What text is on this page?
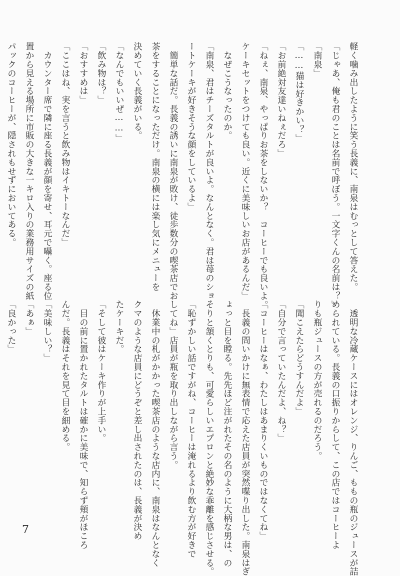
軽く噛み出したように笑う長義に、南泉はむっとして答えた。

「じゃあ、俺も君のことは名前で呼ぼう。一文字くんの名前は？」

「南泉」

「……猫は好きかい？」

「お前絶対友達いねぇだろ」

「ねぇ、南泉、やっぱりお茶をしないか？　コーヒーでも良いよ。

ケーキセットをつけても良い。近くに美味しいお店があるんだ」

　なぜこうなったのか。

「南泉、君はチーズタルトが良いよ。なんとなく。君は苺のショ

ートケーキが好きそうな顔をしているよ」

　簡単な話だ。長義の誘いに南泉が敗け、徒歩数分の喫茶店でお

茶をすることになっただけ。南泉の横には楽し気にメニューを

決めていく長義がいる。

「なんでもいいぜ……」

「飲み物は？」

「おすすめは」

「ここはね、実を言うと飲み物はイキトーなんだ」

　カウンター席で隣に座る長義が顔を寄せ、耳元で囁く。座る位

置から見える場所に市販の大きな一キロ入りの業務用サイズの紙

パックのコーヒーが、隠されもせずにおいてある。

　透明な冷蔵ケースにはオレンジ、りんご、ももの瓶のジュースが詰

められている。長義の口振りからして、この店ではコーヒーよ

りも瓶ジュースの方が売れるのだろう。

「聞こえたらどうすんだよ」

「自分で言っていたんだよ、ね？」

「コーヒーはなぁ、わたしはあまりくいものではなくてね」

　長義の問いかけに無表情で応えた店員が突然喋り出した。南泉はぎ

ょっと目を瞠る。先先ほど注がれたその名のように大柄な男は、の

そりと頷くとりも、可愛らしいエプロンと絶妙な乖離を感じさせる。

「恥ずかしい話ですがね、コーヒーは淹れるより飲む方が好きで

してね」店員が瓶を取り出しながら言う。

　休業中の札がかかった喫茶店のような店内に、南泉はなんとなく

クマのような店員にどうぞと差し出されたのは、長義が決め

たケーキだ。

「そして彼はケーキ作りが上手い。

　目の前に置かれたタルトは確かに美味で、知らず頬がほころ

んだ。長義はそれを見て目を細める。

「美味しい？」

「あぁ」

「良かった」

7
